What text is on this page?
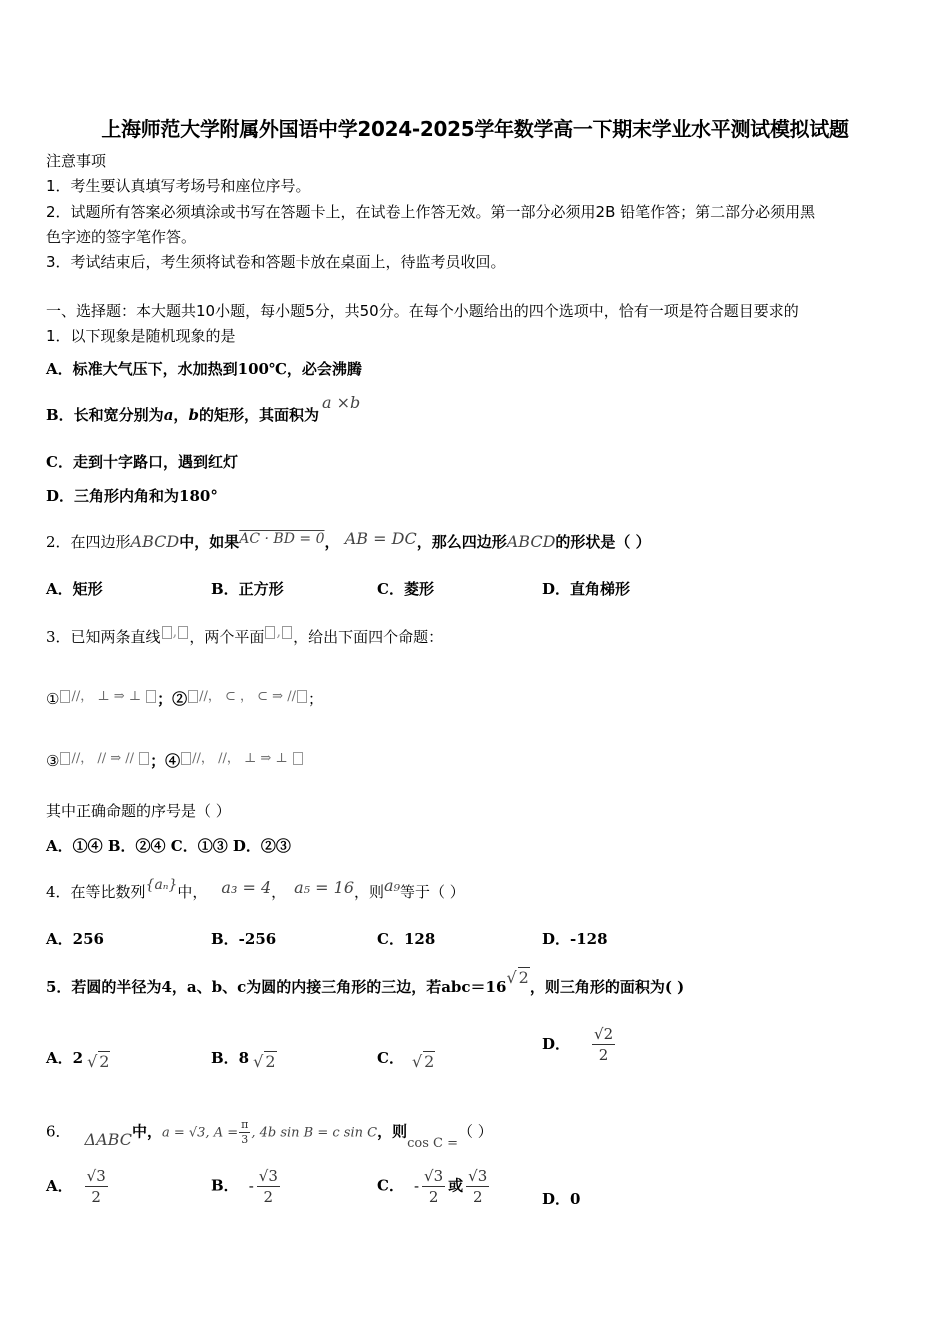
上海师范大学附属外国语中学2024-2025学年数学高一下期末学业水平测试模拟试题
注意事项
1．考生要认真填写考场号和座位序号。
2．试题所有答案必须填涂或书写在答题卡上，在试卷上作答无效。第一部分必须用2B 铅笔作答；第二部分必须用黑
色字迹的签字笔作答。
3．考试结束后，考生须将试卷和答题卡放在桌面上，待监考员收回。
一、选择题：本大题共10小题，每小题5分，共50分。在每个小题给出的四个选项中，恰有一项是符合题目要求的
1．以下现象是随机现象的是
A．标准大气压下，水加热到100℃，必会沸腾
B．长和宽分别为a，b的矩形，其面积为a ×b
C．走到十字路口，遇到红灯
D．三角形内角和为180°
2．在四边形ABCD中，如果AC · BD = 0， AB = DC，那么四边形ABCD的形状是（ ）
A．矩形	B．正方形	C．菱形	D．直角梯形
3．已知两条直线 , ，两个平面 , ，给出下面四个命题：
① //， ⊥ ⇒ ⊥ ；② //， ⊂ ， ⊂ ⇒ // ；
③ //， // ⇒ // ；④ //， //， ⊥ ⇒ ⊥
其中正确命题的序号是（ ）
A．①④ B．②④ C．①③ D．②③
4．在等比数列{aₙ}中， a₃ = 4， a₅ = 16，则a₉等于（ ）
A．256	B．-256	C．128	D．-128
5．若圆的半径为4，a、b、c为圆的内接三角形的三边，若abc＝16√ 2，则三角形的面积为( )
A．2 √ 2	B．8 √ 2	C． √ 2
D． $\frac{√2}{2}$
6． ΔABC中，a = √3, $A = \frac{\pi}{3}$ , 4b sin B = c sin C，则cos C =（ ）
A． $\frac{√3}{2}$	B． - $\frac{√3}{2}$	C． - $\frac{√3}{2}$ 或 $\frac{√3}{2}$	D．0
